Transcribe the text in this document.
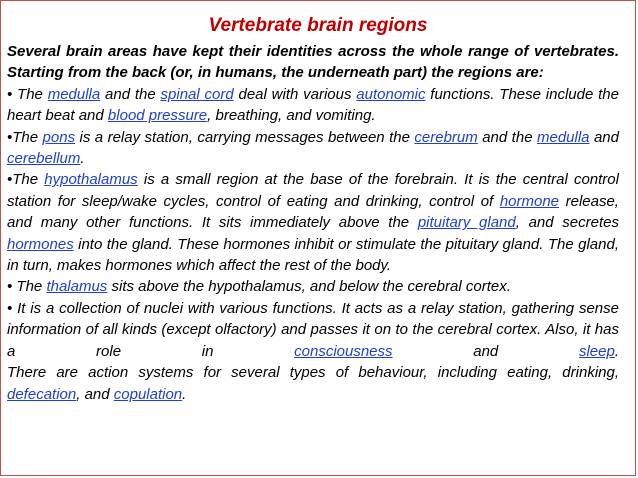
Vertebrate brain regions

Several brain areas have kept their identities across the whole range of vertebrates. Starting from the back (or, in humans, the underneath part) the regions are:

• The medulla and the spinal cord deal with various autonomic functions. These include the heart beat and blood pressure, breathing, and vomiting.

•The pons is a relay station, carrying messages between the cerebrum and the medulla and cerebellum.

•The hypothalamus is a small region at the base of the forebrain. It is the central control station for sleep/wake cycles, control of eating and drinking, control of hormone release, and many other functions. It sits immediately above the pituitary gland, and secretes hormones into the gland. These hormones inhibit or stimulate the pituitary gland. The gland, in turn, makes hormones which affect the rest of the body.

• The thalamus sits above the hypothalamus, and below the cerebral cortex.

• It is a collection of nuclei with various functions. It acts as a relay station, gathering sense information of all kinds (except olfactory) and passes it on to the cerebral cortex. Also, it has a role in consciousness and sleep.

There are action systems for several types of behaviour, including eating, drinking, defecation, and copulation.
